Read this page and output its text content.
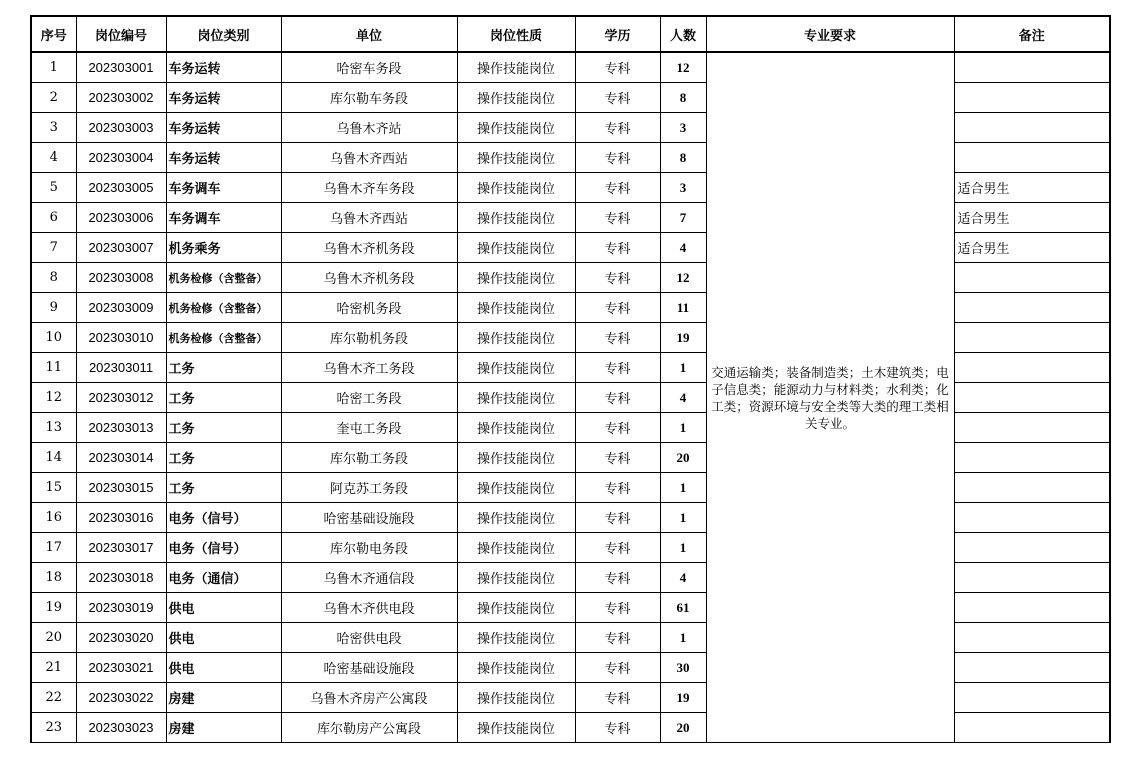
序号	岗位编号	岗位类别	单位	岗位性质	学历	人数	专业要求	备注
1	202303001	车务运转	哈密车务段	操作技能岗位	专科	12	交通运输类；装备制造类；土木建筑类；电子信息类；能源动力与材料类；水利类；化工类；资源环境与安全类等大类的理工类相关专业。	
2	202303002	车务运转	库尔勒车务段	操作技能岗位	专科	8		
3	202303003	车务运转	乌鲁木齐站	操作技能岗位	专科	3		
4	202303004	车务运转	乌鲁木齐西站	操作技能岗位	专科	8		
5	202303005	车务调车	乌鲁木齐车务段	操作技能岗位	专科	3		适合男生
6	202303006	车务调车	乌鲁木齐西站	操作技能岗位	专科	7		适合男生
7	202303007	机务乘务	乌鲁木齐机务段	操作技能岗位	专科	4		适合男生
8	202303008	机务检修（含整备）	乌鲁木齐机务段	操作技能岗位	专科	12		
9	202303009	机务检修（含整备）	哈密机务段	操作技能岗位	专科	11		
10	202303010	机务检修（含整备）	库尔勒机务段	操作技能岗位	专科	19		
11	202303011	工务	乌鲁木齐工务段	操作技能岗位	专科	1		
12	202303012	工务	哈密工务段	操作技能岗位	专科	4		
13	202303013	工务	奎屯工务段	操作技能岗位	专科	1		
14	202303014	工务	库尔勒工务段	操作技能岗位	专科	20		
15	202303015	工务	阿克苏工务段	操作技能岗位	专科	1		
16	202303016	电务（信号）	哈密基础设施段	操作技能岗位	专科	1		
17	202303017	电务（信号）	库尔勒电务段	操作技能岗位	专科	1		
18	202303018	电务（通信）	乌鲁木齐通信段	操作技能岗位	专科	4		
19	202303019	供电	乌鲁木齐供电段	操作技能岗位	专科	61		
20	202303020	供电	哈密供电段	操作技能岗位	专科	1		
21	202303021	供电	哈密基础设施段	操作技能岗位	专科	30		
22	202303022	房建	乌鲁木齐房产公寓段	操作技能岗位	专科	19		
23	202303023	房建	库尔勒房产公寓段	操作技能岗位	专科	20		
